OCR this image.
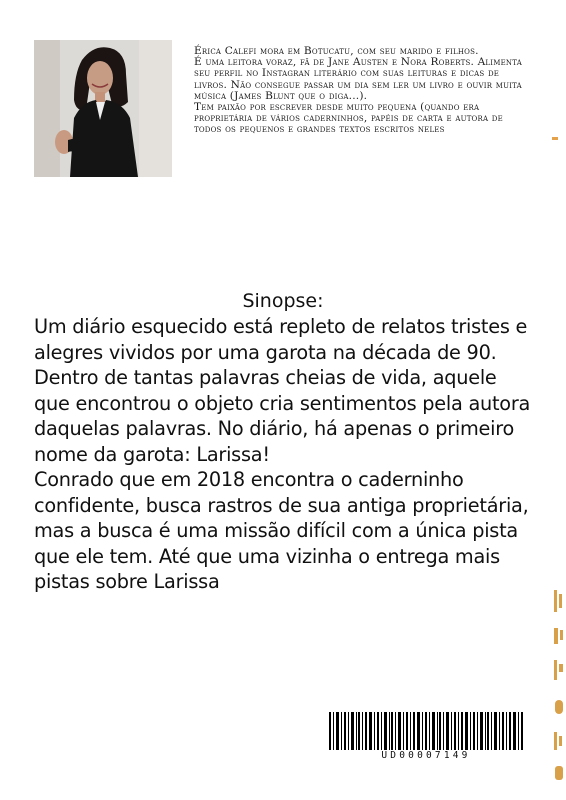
Érica Calefi mora em Botucatu, com seu marido e filhos.

É uma leitora voraz, fã de Jane Austen e Nora Roberts. Alimenta seu perfil no Instagran literário com suas leituras e dicas de livros. Não consegue passar um dia sem ler um livro e ouvir muita música (James Blunt que o diga...).

Tem paixão por escrever desde muito pequena (quando era proprietária de vários caderninhos, papéis de carta e autora de todos os pequenos e grandes textos escritos neles

Sinopse:

Um diário esquecido está repleto de relatos tristes e alegres vividos por uma garota na década de 90. Dentro de tantas palavras cheias de vida, aquele que encontrou o objeto cria sentimentos pela autora daquelas palavras. No diário, há apenas o primeiro nome da garota: Larissa!

Conrado que em 2018 encontra o caderninho confidente, busca rastros de sua antiga proprietária, mas a busca é uma missão difícil com a única pista que ele tem. Até que uma vizinha o entrega mais pistas sobre Larissa

UD00007149
